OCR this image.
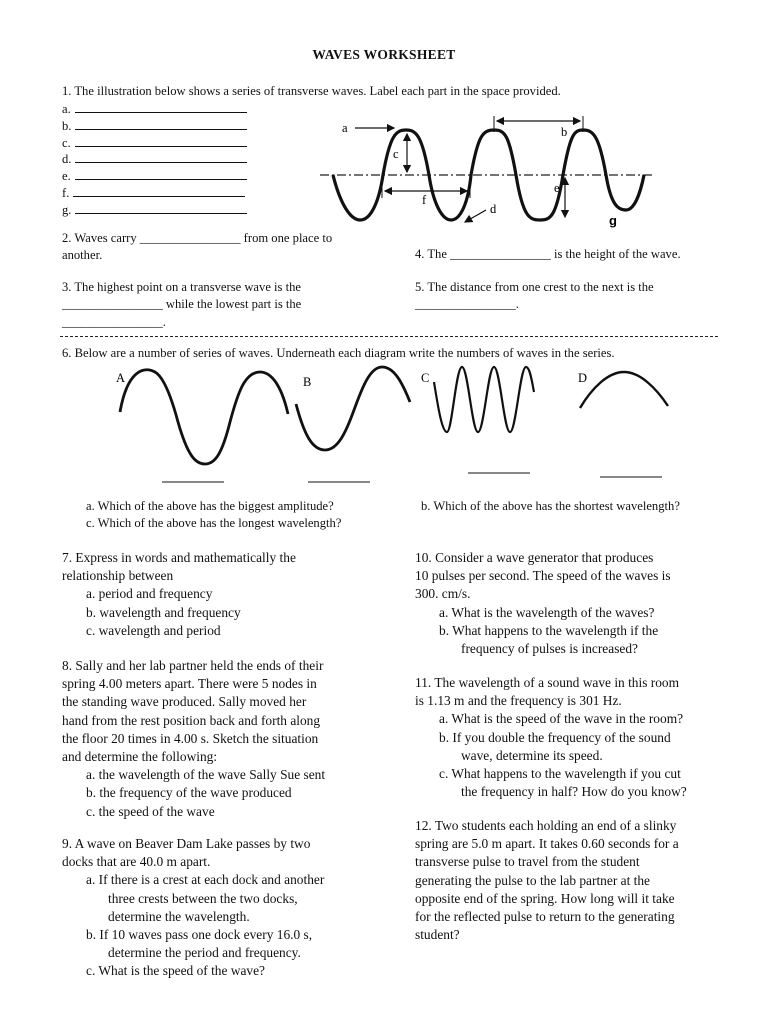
WAVES WORKSHEET
1. The illustration below shows a series of transverse waves. Label each part in the space provided.
a.
b.
c.
d.
e.
f.
g.
a	b
c
d
e
f
g
2. Waves carry ________________ from one place to
another.	4. The ________________ is the height of the wave.
3. The highest point on a transverse wave is the
________________ while the lowest part is the
________________.
5. The distance from one crest to the next is the
________________.
6. Below are a number of series of waves. Underneath each diagram write the numbers of waves in the series.
A	B	C	D
a. Which of the above has the biggest amplitude?	b. Which of the above has the shortest wavelength?
c. Which of the above has the longest wavelength?
7. Express in words and mathematically the
relationship between
a. period and frequency
b. wavelength and frequency
c. wavelength and period
8. Sally and her lab partner held the ends of their
spring 4.00 meters apart. There were 5 nodes in
the standing wave produced. Sally moved her
hand from the rest position back and forth along
the floor 20 times in 4.00 s. Sketch the situation
and determine the following:
a. the wavelength of the wave Sally Sue sent
b. the frequency of the wave produced
c. the speed of the wave
9. A wave on Beaver Dam Lake passes by two
docks that are 40.0 m apart.
a. If there is a crest at each dock and another
three crests between the two docks,
determine the wavelength.
b. If 10 waves pass one dock every 16.0 s,
determine the period and frequency.
c. What is the speed of the wave?
10. Consider a wave generator that produces
10 pulses per second. The speed of the waves is
300. cm/s.
a. What is the wavelength of the waves?
b. What happens to the wavelength if the
frequency of pulses is increased?
11. The wavelength of a sound wave in this room
is 1.13 m and the frequency is 301 Hz.
a. What is the speed of the wave in the room?
b. If you double the frequency of the sound
wave, determine its speed.
c. What happens to the wavelength if you cut
the frequency in half? How do you know?
12. Two students each holding an end of a slinky
spring are 5.0 m apart. It takes 0.60 seconds for a
transverse pulse to travel from the student
generating the pulse to the lab partner at the
opposite end of the spring. How long will it take
for the reflected pulse to return to the generating
student?
